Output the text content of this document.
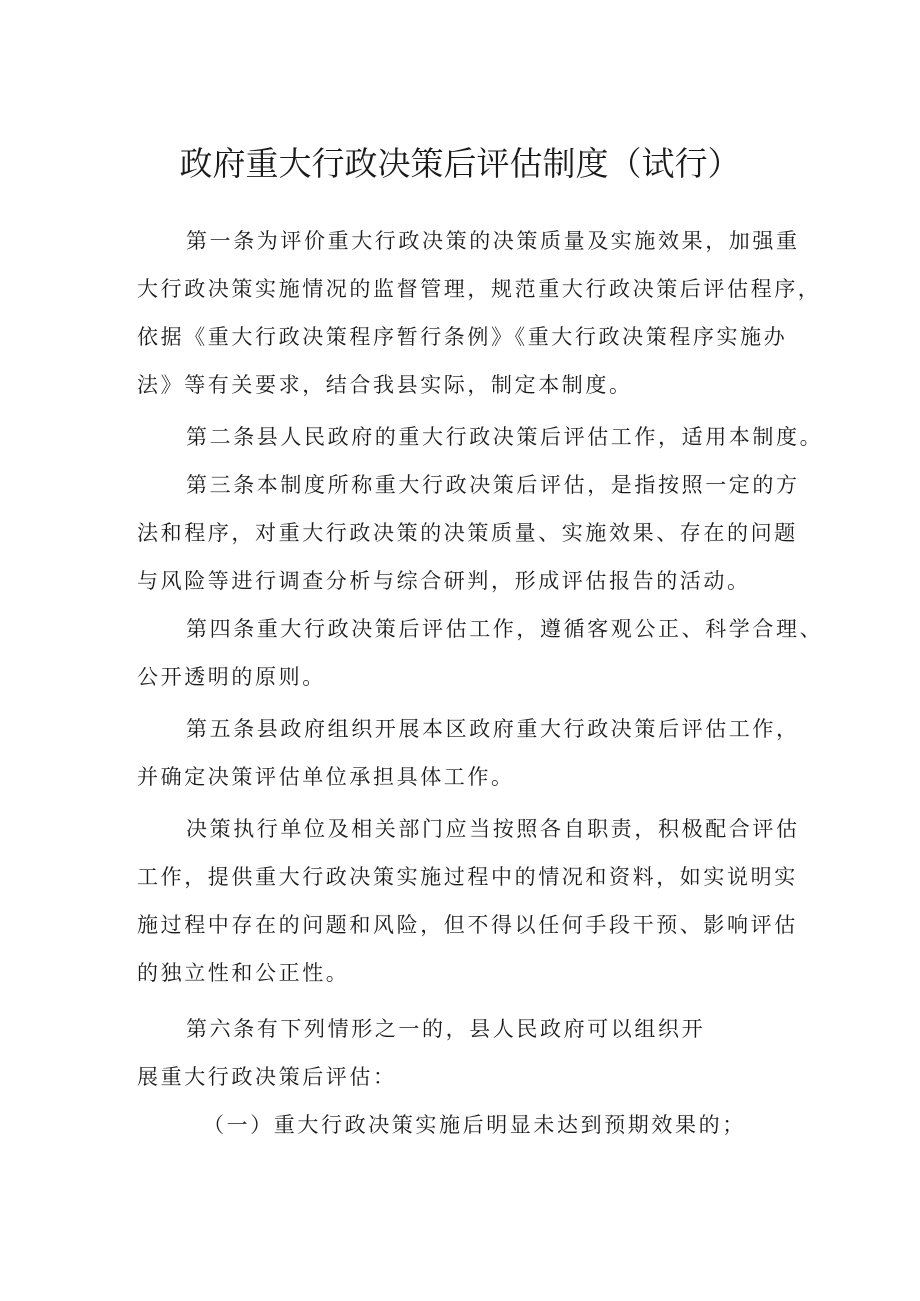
政府重大行政决策后评估制度（试行）
第一条为评价重大行政决策的决策质量及实施效果，加强重
大行政决策实施情况的监督管理，规范重大行政决策后评估程序，
依据《重大行政决策程序暂行条例》《重大行政决策程序实施办
法》等有关要求，结合我县实际，制定本制度。
第二条县人民政府的重大行政决策后评估工作，适用本制度。
第三条本制度所称重大行政决策后评估，是指按照一定的方
法和程序，对重大行政决策的决策质量、实施效果、存在的问题
与风险等进行调查分析与综合研判，形成评估报告的活动。
第四条重大行政决策后评估工作，遵循客观公正、科学合理、
公开透明的原则。
第五条县政府组织开展本区政府重大行政决策后评估工作，
并确定决策评估单位承担具体工作。
决策执行单位及相关部门应当按照各自职责，积极配合评估
工作，提供重大行政决策实施过程中的情况和资料，如实说明实
施过程中存在的问题和风险，但不得以任何手段干预、影响评估
的独立性和公正性。
第六条有下列情形之一的，县人民政府可以组织开
展重大行政决策后评估：
（一）重大行政决策实施后明显未达到预期效果的；
